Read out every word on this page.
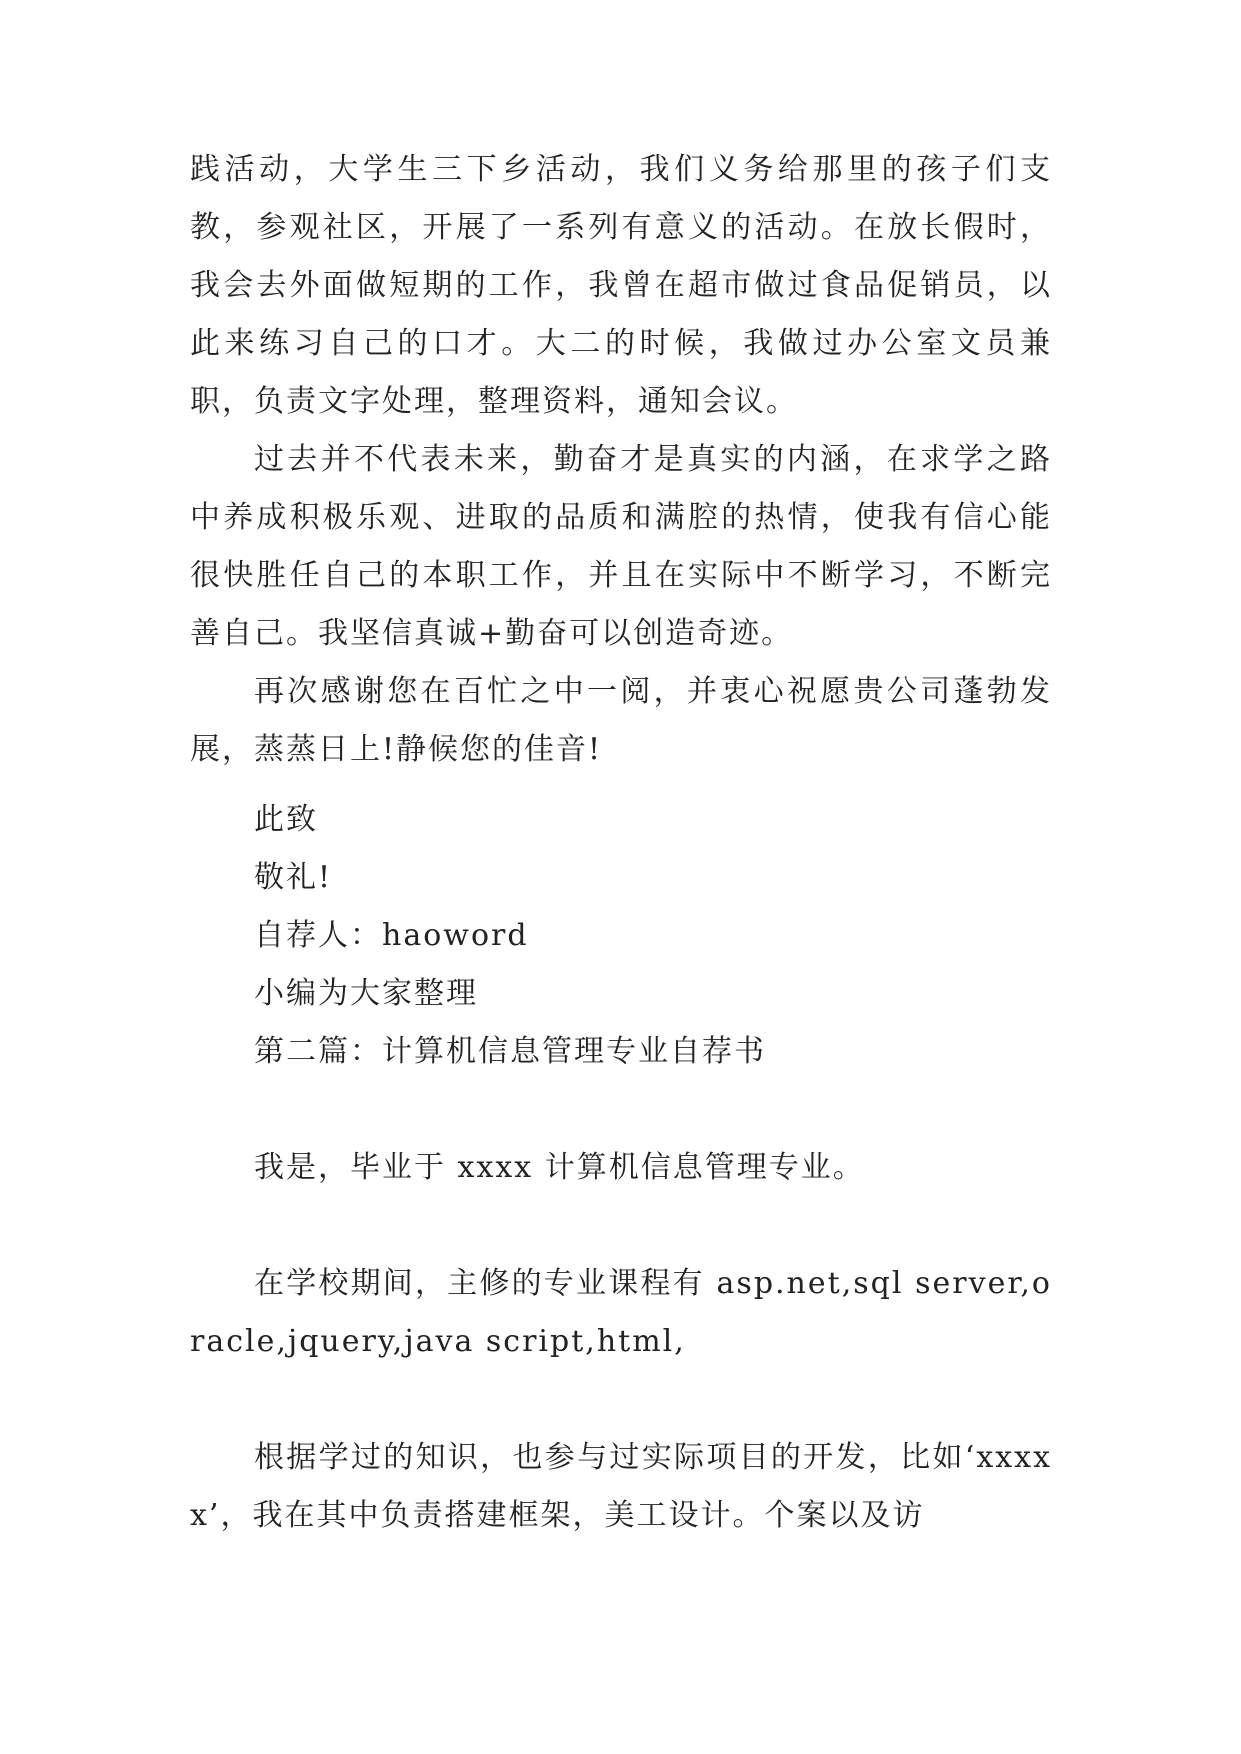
践活动，大学生三下乡活动，我们义务给那里的孩子们支教，参观社区，开展了一系列有意义的活动。在放长假时，我会去外面做短期的工作，我曾在超市做过食品促销员，以此来练习自己的口才。大二的时候，我做过办公室文员兼职，负责文字处理，整理资料，通知会议。

过去并不代表未来，勤奋才是真实的内涵，在求学之路中养成积极乐观、进取的品质和满腔的热情，使我有信心能很快胜任自己的本职工作，并且在实际中不断学习，不断完善自己。我坚信真诚+勤奋可以创造奇迹。

再次感谢您在百忙之中一阅，并衷心祝愿贵公司蓬勃发展，蒸蒸日上!静候您的佳音!

此致
敬礼!
自荐人：haoword
小编为大家整理
第二篇：计算机信息管理专业自荐书
我是，毕业于 xxxx 计算机信息管理专业。

在学校期间，主修的专业课程有 asp.net,sql server,oracle,jquery,java script,html,

根据学过的知识，也参与过实际项目的开发，比如‘xxxxx’，我在其中负责搭建框架，美工设计。个案以及访
